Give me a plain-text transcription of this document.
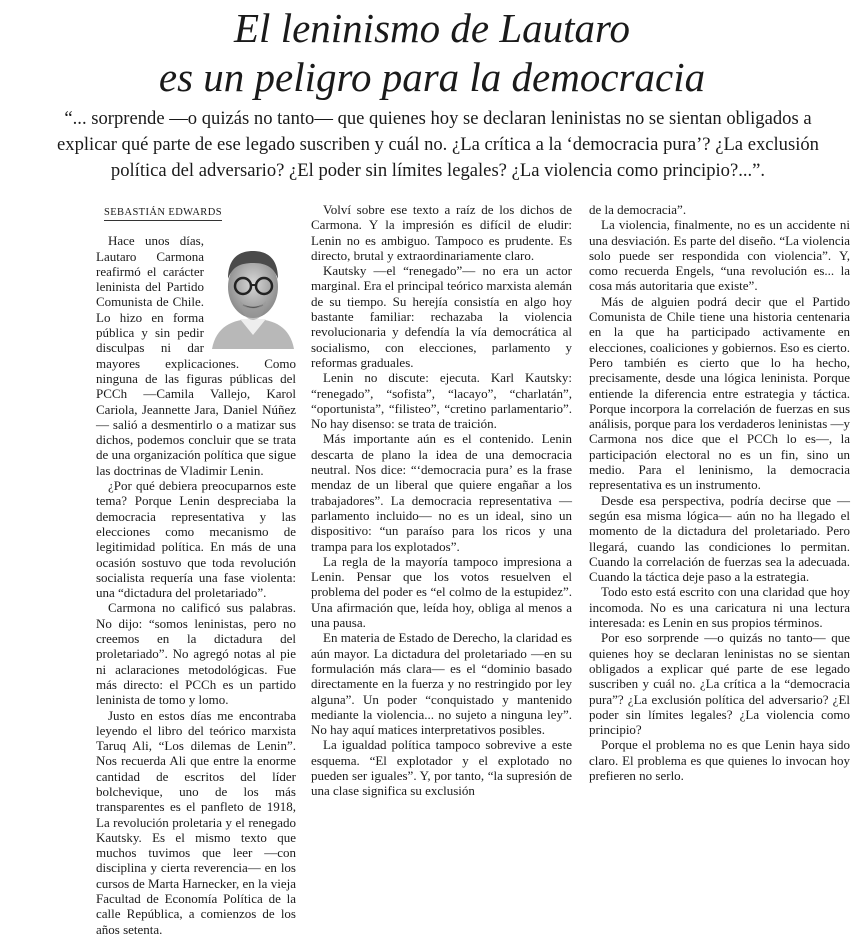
El leninismo de Lautaro
es un peligro para la democracia

“... sorprende —o quizás no tanto— que quienes hoy se declaran leninistas no se sientan obligados a explicar qué parte de ese legado suscriben y cuál no. ¿La crítica a la ‘democracia pura’? ¿La exclusión política del adversario? ¿El poder sin límites legales? ¿La violencia como principio?...”.

SEBASTIÁN EDWARDS

Hace unos días, Lautaro Carmona reafirmó el carácter leninista del Partido Comunista de Chile. Lo hizo en forma pública y sin pedir disculpas ni dar mayores explicaciones. Como ninguna de las figuras públicas del PCCh —Camila Vallejo, Karol Cariola, Jeannette Jara, Daniel Núñez— salió a desmentirlo o a matizar sus dichos, podemos concluir que se trata de una organización política que sigue las doctrinas de Vladimir Lenin.

¿Por qué debiera preocuparnos este tema? Porque Lenin despreciaba la democracia representativa y las elecciones como mecanismo de legitimidad política. En más de una ocasión sostuvo que toda revolución socialista requería una fase violenta: una “dictadura del proletariado”.

Carmona no calificó sus palabras. No dijo: “somos leninistas, pero no creemos en la dictadura del proletariado”. No agregó notas al pie ni aclaraciones metodológicas. Fue más directo: el PCCh es un partido leninista de tomo y lomo.

Justo en estos días me encontraba leyendo el libro del teórico marxista Taruq Ali, “Los dilemas de Lenin”. Nos recuerda Ali que entre la enorme cantidad de escritos del líder bolchevique, uno de los más transparentes es el panfleto de 1918, La revolución proletaria y el renegado Kautsky. Es el mismo texto que muchos tuvimos que leer —con disciplina y cierta reverencia— en los cursos de Marta Harnecker, en la vieja Facultad de Economía Política de la calle República, a comienzos de los años setenta.

Volví sobre ese texto a raíz de los dichos de Carmona. Y la impresión es difícil de eludir: Lenin no es ambiguo. Tampoco es prudente. Es directo, brutal y extraordinariamente claro.

Kautsky —el “renegado”— no era un actor marginal. Era el principal teórico marxista alemán de su tiempo. Su herejía consistía en algo hoy bastante familiar: rechazaba la violencia revolucionaria y defendía la vía democrática al socialismo, con elecciones, parlamento y reformas graduales.

Lenin no discute: ejecuta. Karl Kautsky: “renegado”, “sofista”, “lacayo”, “charlatán”, “oportunista”, “filisteo”, “cretino parlamentario”. No hay disenso: se trata de traición.

Más importante aún es el contenido. Lenin descarta de plano la idea de una democracia neutral. Nos dice: “‘democracia pura’ es la frase mendaz de un liberal que quiere engañar a los trabajadores”. La democracia representativa —parlamento incluido— no es un ideal, sino un dispositivo: “un paraíso para los ricos y una trampa para los explotados”.

La regla de la mayoría tampoco impresiona a Lenin. Pensar que los votos resuelven el problema del poder es “el colmo de la estupidez”. Una afirmación que, leída hoy, obliga al menos a una pausa.

En materia de Estado de Derecho, la claridad es aún mayor. La dictadura del proletariado —en su formulación más clara— es el “dominio basado directamente en la fuerza y no restringido por ley alguna”. Un poder “conquistado y mantenido mediante la violencia... no sujeto a ninguna ley”. No hay aquí matices interpretativos posibles.

La igualdad política tampoco sobrevive a este esquema. “El explotador y el explotado no pueden ser iguales”. Y, por tanto, “la supresión de una clase significa su exclusión

de la democracia”.

La violencia, finalmente, no es un accidente ni una desviación. Es parte del diseño. “La violencia solo puede ser respondida con violencia”. Y, como recuerda Engels, “una revolución es... la cosa más autoritaria que existe”.

Más de alguien podrá decir que el Partido Comunista de Chile tiene una historia centenaria en la que ha participado activamente en elecciones, coaliciones y gobiernos. Eso es cierto. Pero también es cierto que lo ha hecho, precisamente, desde una lógica leninista. Porque entiende la diferencia entre estrategia y táctica. Porque incorpora la correlación de fuerzas en sus análisis, porque para los verdaderos leninistas —y Carmona nos dice que el PCCh lo es—, la participación electoral no es un fin, sino un medio. Para el leninismo, la democracia representativa es un instrumento.

Desde esa perspectiva, podría decirse que —según esa misma lógica— aún no ha llegado el momento de la dictadura del proletariado. Pero llegará, cuando las condiciones lo permitan. Cuando la correlación de fuerzas sea la adecuada. Cuando la táctica deje paso a la estrategia.

Todo esto está escrito con una claridad que hoy incomoda. No es una caricatura ni una lectura interesada: es Lenin en sus propios términos.

Por eso sorprende —o quizás no tanto— que quienes hoy se declaran leninistas no se sientan obligados a explicar qué parte de ese legado suscriben y cuál no. ¿La crítica a la “democracia pura”? ¿La exclusión política del adversario? ¿El poder sin límites legales? ¿La violencia como principio?

Porque el problema no es que Lenin haya sido claro. El problema es que quienes lo invocan hoy prefieren no serlo.
